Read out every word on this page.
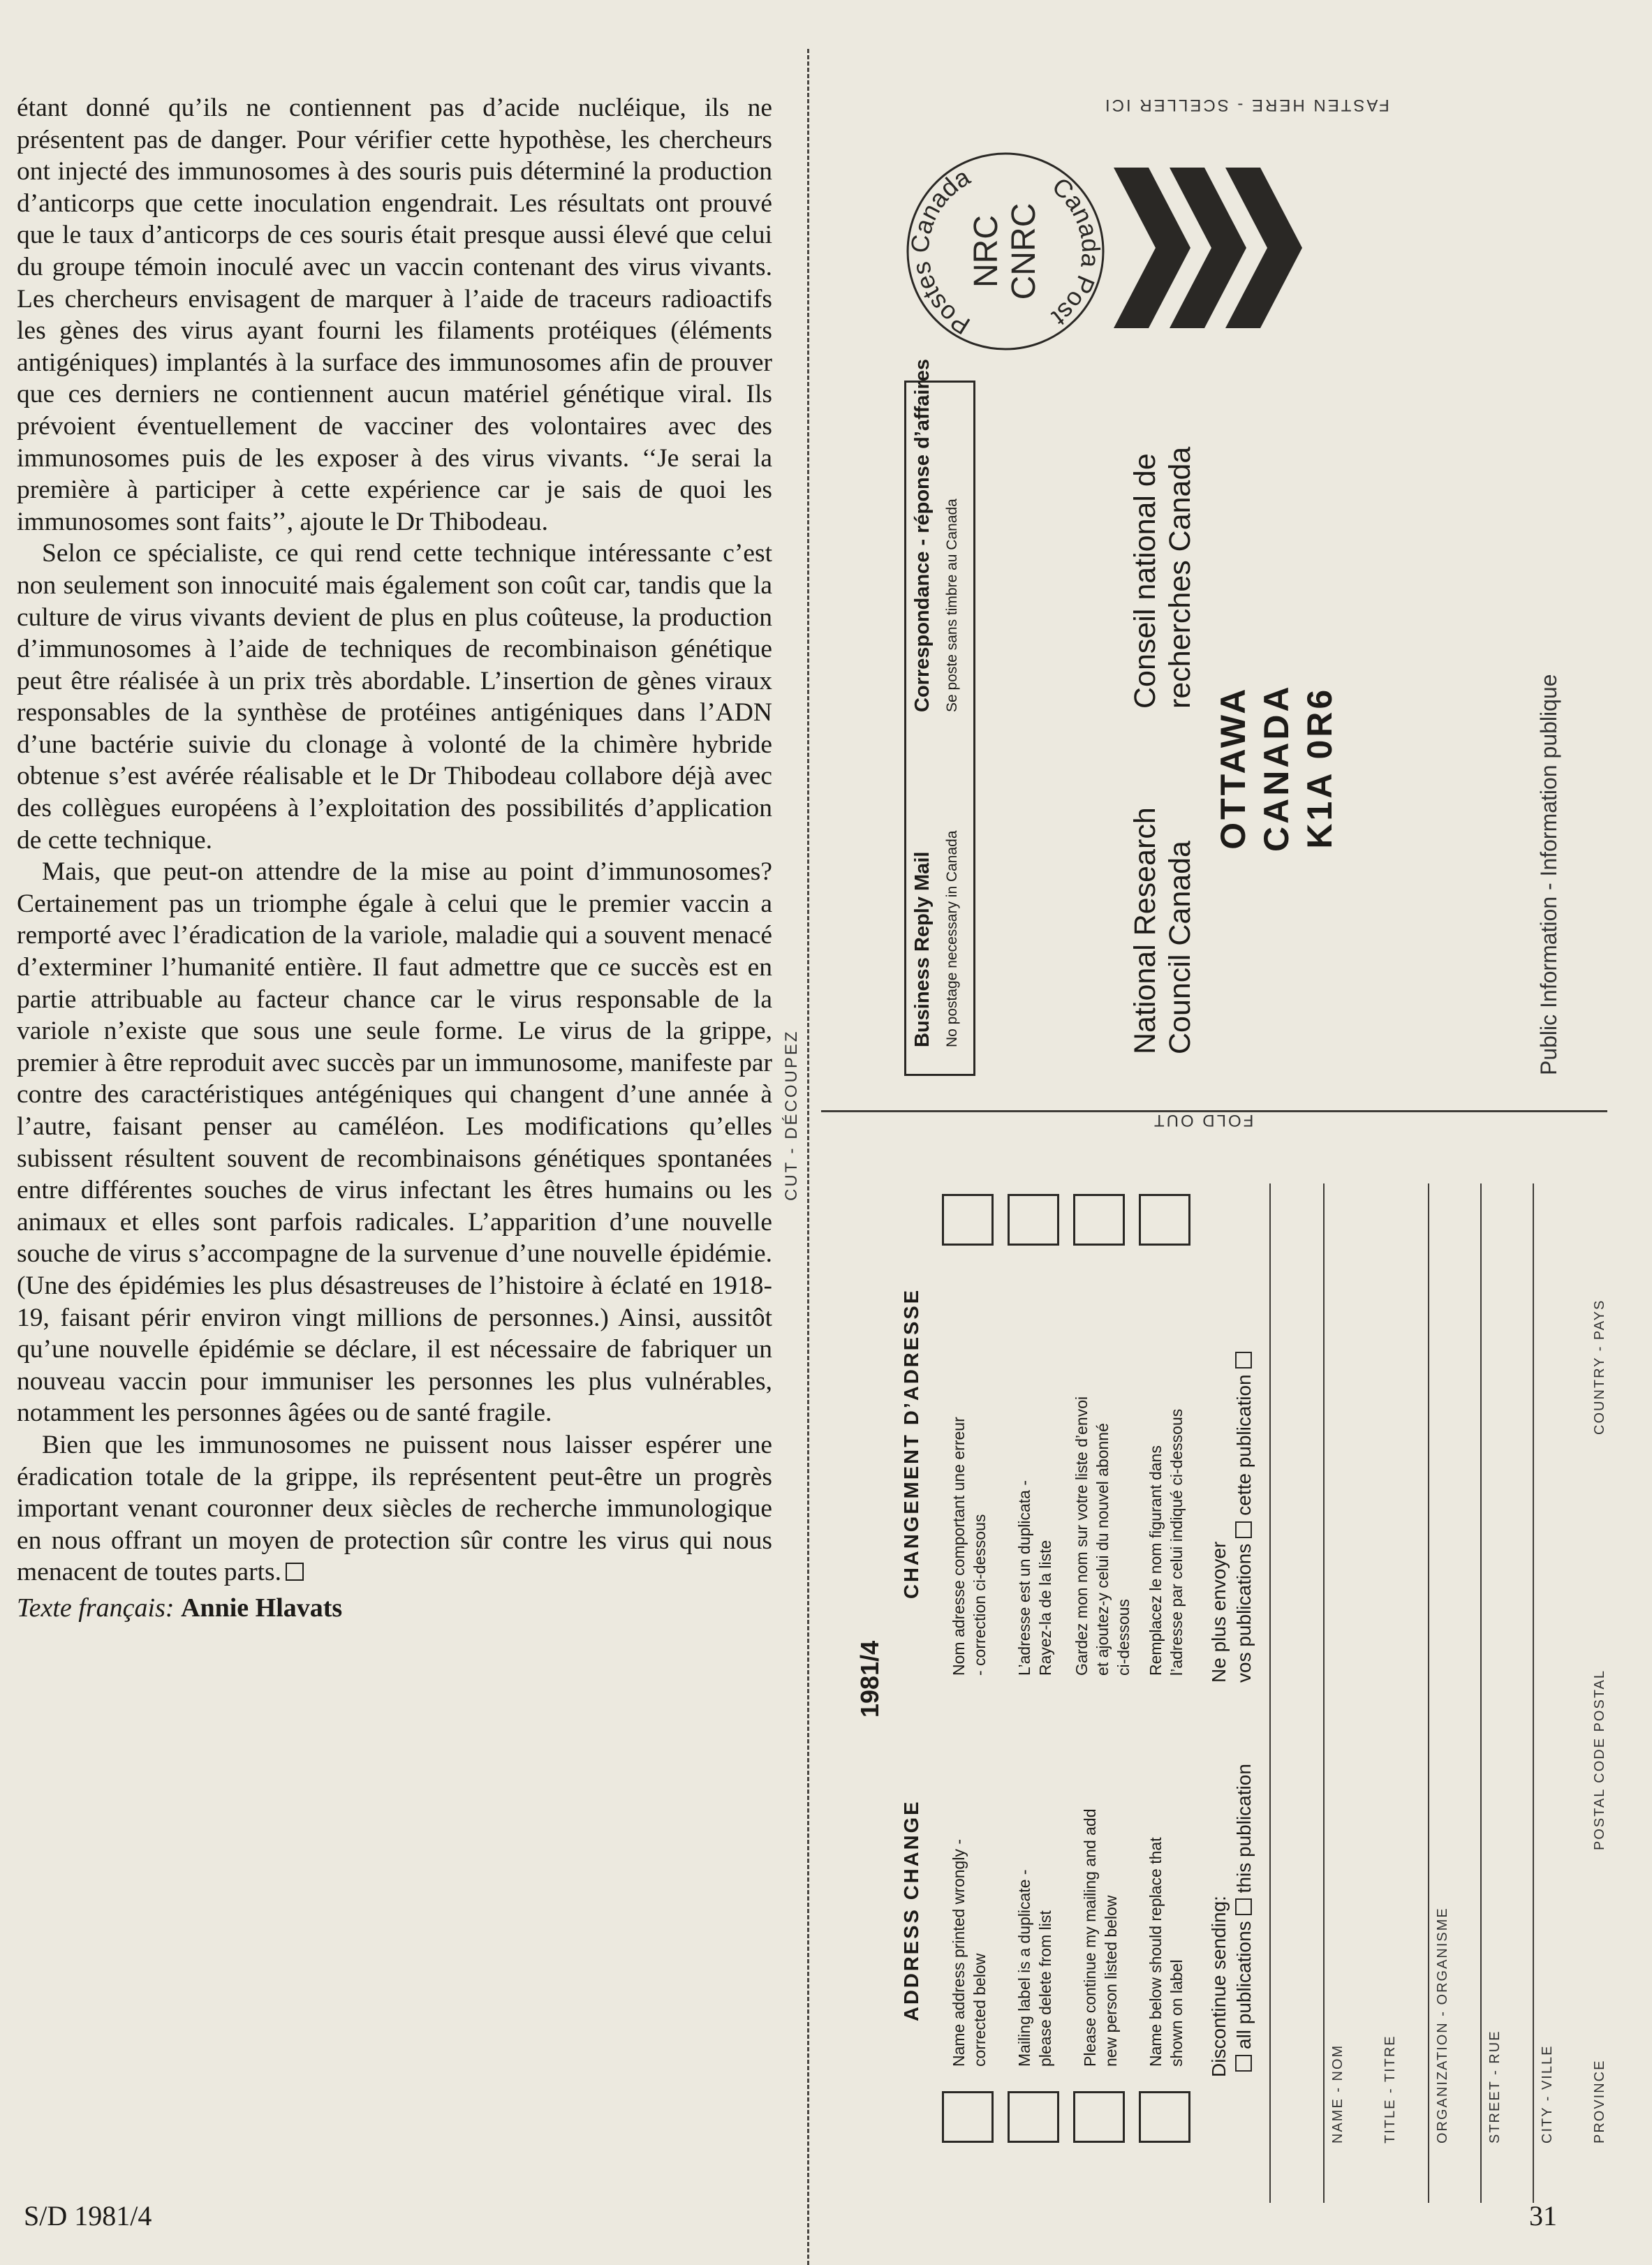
étant donné qu’ils ne contiennent pas d’acide nucléique, ils ne présentent pas de danger. Pour vérifier cette hypothèse, les chercheurs ont injecté des immunosomes à des souris puis déterminé la production d’anticorps que cette inoculation engendrait. Les résultats ont prouvé que le taux d’anticorps de ces souris était presque aussi élevé que celui du groupe témoin inoculé avec un vaccin contenant des virus vivants. Les chercheurs envisagent de marquer à l’aide de traceurs radioactifs les gènes des virus ayant fourni les filaments protéiques (éléments antigéniques) implantés à la surface des immunosomes afin de prouver que ces derniers ne contiennent aucun matériel génétique viral. Ils prévoient éventuellement de vacciner des volontaires avec des immunosomes puis de les exposer à des virus vivants. ‘‘Je serai la première à participer à cette expérience car je sais de quoi les immunosomes sont faits’’, ajoute le Dr Thibodeau.

Selon ce spécialiste, ce qui rend cette technique intéressante c’est non seulement son innocuité mais également son coût car, tandis que la culture de virus vivants devient de plus en plus coûteuse, la production d’immunosomes à l’aide de techniques de recombinaison génétique peut être réalisée à un prix très abordable. L’insertion de gènes viraux responsables de la synthèse de protéines antigéniques dans l’ADN d’une bactérie suivie du clonage à volonté de la chimère hybride obtenue s’est avérée réalisable et le Dr Thibodeau collabore déjà avec des collègues européens à l’exploitation des possibilités d’application de cette technique.

Mais, que peut-on attendre de la mise au point d’immunosomes? Certainement pas un triomphe égale à celui que le premier vaccin a remporté avec l’éradication de la variole, maladie qui a souvent menacé d’exterminer l’humanité entière. Il faut admettre que ce succès est en partie attribuable au facteur chance car le virus responsable de la variole n’existe que sous une seule forme. Le virus de la grippe, premier à être reproduit avec succès par un immunosome, manifeste par contre des caractéristiques antégéniques qui changent d’une année à l’autre, faisant penser au caméléon. Les modifications qu’elles subissent résultent souvent de recombinaisons génétiques spontanées entre différentes souches de virus infectant les êtres humains ou les animaux et elles sont parfois radicales. L’apparition d’une nouvelle souche de virus s’accompagne de la survenue d’une nouvelle épidémie. (Une des épidémies les plus désastreuses de l’histoire à éclaté en 1918-19, faisant périr environ vingt millions de personnes.) Ainsi, aussitôt qu’une nouvelle épidémie se déclare, il est nécessaire de fabriquer un nouveau vaccin pour immuniser les personnes les plus vulnérables, notamment les personnes âgées ou de santé fragile.

Bien que les immunosomes ne puissent nous laisser espérer une éradication totale de la grippe, ils représentent peut-être un progrès important venant couronner deux siècles de recherche immunologique en nous offrant un moyen de protection sûr contre les virus qui nous menacent de toutes parts.

Texte français: Annie Hlavats
S/D 1981/4	31
CUT - DÉCOUPEZ
FASTEN HERE - SCELLER ICI
Postes Canada	Canada Post
NRC CNRC
Business Reply Mail No postage necessary in Canada
Correspondance - réponse d’affaires Se poste sans timbre au Canada
National Research Council Canada
Conseil national de recherches Canada
OTTAWA CANADA K1A 0R6	Public Information - Information publique
FOLD OUT
1981/4
ADDRESS CHANGE
CHANGEMENT D’ADRESSE
Name address printed wrongly - corrected below Mailing label is a duplicate - please delete from list Please continue my mailing and add new person listed below Name below should replace that shown on label
Nom adresse comportant une erreur - correction ci-dessous L’adresse est un duplicata - Rayez-la de la liste Gardez mon nom sur votre liste d’envoi et ajoutez-y celui du nouvel abonné ci-dessous Remplacez le nom figurant dans l’adresse par celui indiqué ci-dessous
Discontinue sending: all publicationsthis publication
Ne plus envoyer vos publicationscette publication
NAME - NOM	TITLE - TITRE	ORGANIZATION - ORGANISME	STREET - RUE	CITY - VILLE	PROVINCE
POSTAL CODE POSTAL
COUNTRY - PAYS
